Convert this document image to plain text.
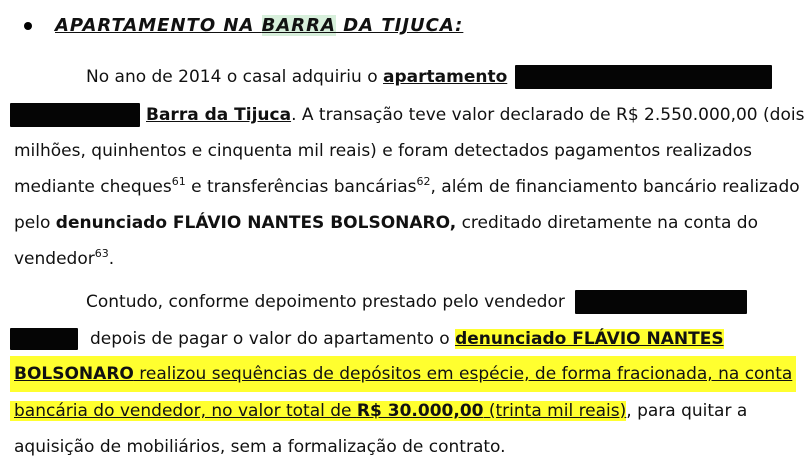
APARTAMENTO NA BARRA DA TIJUCA:
No ano de 2014 o casal adquiriu o apartamento
Barra da Tijuca. A transação teve valor declarado de R$ 2.550.000,00 (dois
milhões, quinhentos e cinquenta mil reais) e foram detectados pagamentos realizados
mediante cheques$^{61}$ e transferências bancárias$^{62}$, além de financiamento bancário realizado
pelo denunciado FLÁVIO NANTES BOLSONARO, creditado diretamente na conta do
vendedor$^{63}$.
Contudo, conforme depoimento prestado pelo vendedor
depois de pagar o valor do apartamento o denunciado FLÁVIO NANTES
BOLSONARO realizou sequências de depósitos em espécie, de forma fracionada, na conta
bancária do vendedor, no valor total de R$ 30.000,00 (trinta mil reais), para quitar a
aquisição de mobiliários, sem a formalização de contrato.
